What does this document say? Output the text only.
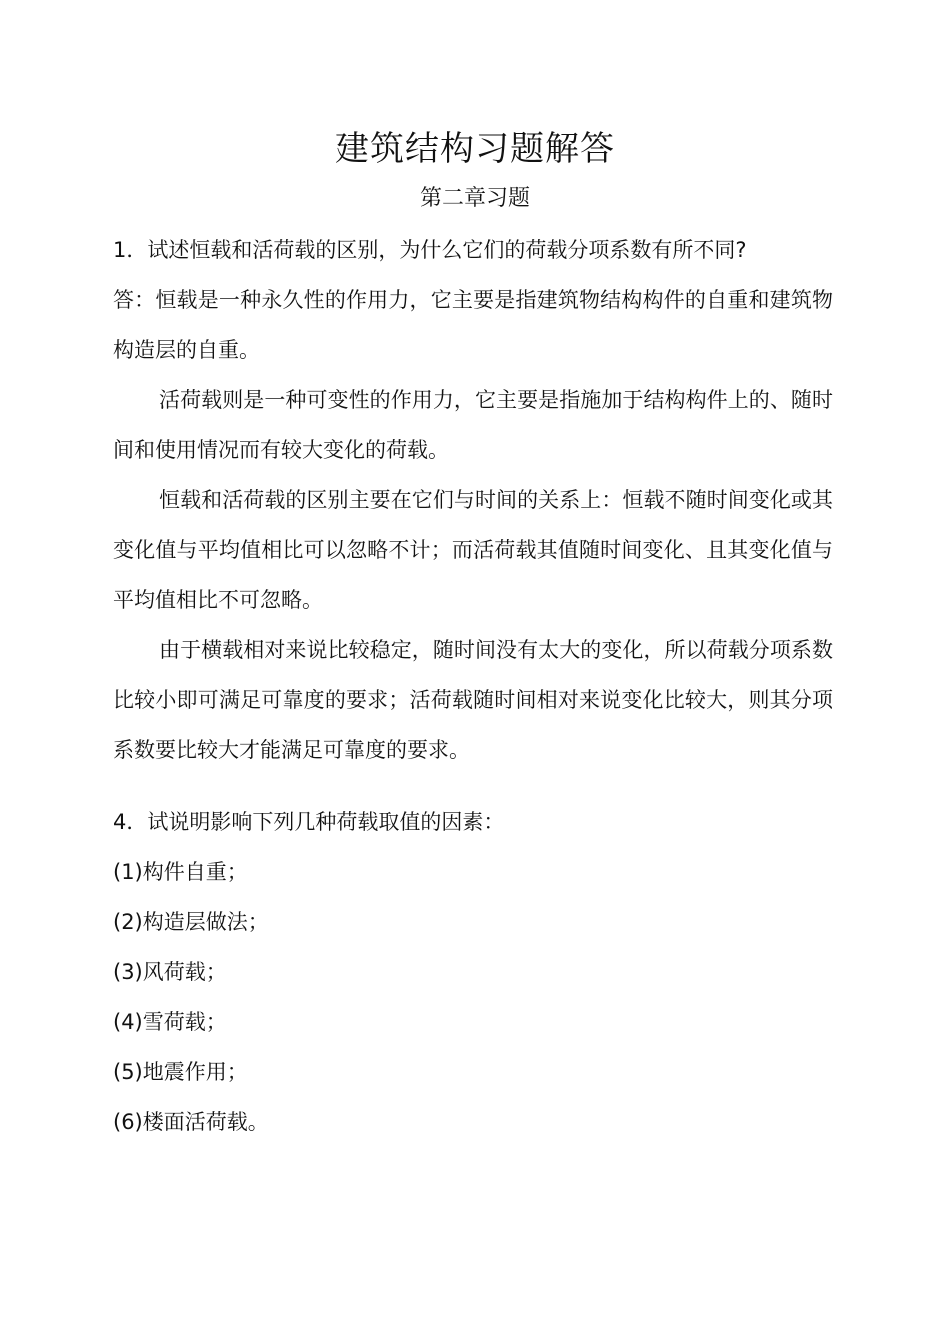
建筑结构习题解答
第二章习题
1．试述恒载和活荷载的区别，为什么它们的荷载分项系数有所不同?

答：恒载是一种永久性的作用力，它主要是指建筑物结构构件的自重和建筑物构造层的自重。

活荷载则是一种可变性的作用力，它主要是指施加于结构构件上的、随时间和使用情况而有较大变化的荷载。

恒载和活荷载的区别主要在它们与时间的关系上：恒载不随时间变化或其变化值与平均值相比可以忽略不计；而活荷载其值随时间变化、且其变化值与平均值相比不可忽略。

由于横载相对来说比较稳定，随时间没有太大的变化，所以荷载分项系数比较小即可满足可靠度的要求；活荷载随时间相对来说变化比较大，则其分项系数要比较大才能满足可靠度的要求。

4．试说明影响下列几种荷载取值的因素：
(1)构件自重；
(2)构造层做法；
(3)风荷载；
(4)雪荷载；
(5)地震作用；
(6)楼面活荷载。
